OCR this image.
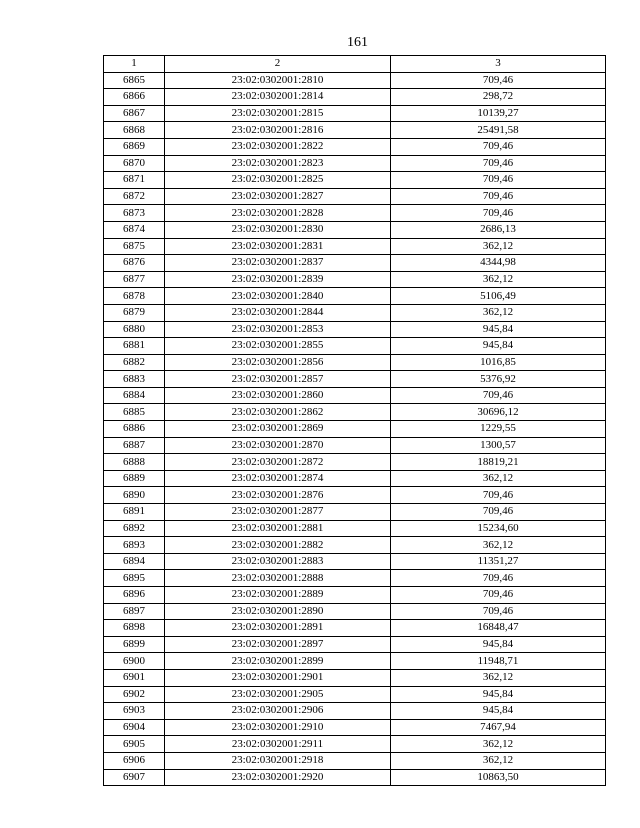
161
1	2	3
6865	23:02:0302001:2810	709,46
6866	23:02:0302001:2814	298,72
6867	23:02:0302001:2815	10139,27
6868	23:02:0302001:2816	25491,58
6869	23:02:0302001:2822	709,46
6870	23:02:0302001:2823	709,46
6871	23:02:0302001:2825	709,46
6872	23:02:0302001:2827	709,46
6873	23:02:0302001:2828	709,46
6874	23:02:0302001:2830	2686,13
6875	23:02:0302001:2831	362,12
6876	23:02:0302001:2837	4344,98
6877	23:02:0302001:2839	362,12
6878	23:02:0302001:2840	5106,49
6879	23:02:0302001:2844	362,12
6880	23:02:0302001:2853	945,84
6881	23:02:0302001:2855	945,84
6882	23:02:0302001:2856	1016,85
6883	23:02:0302001:2857	5376,92
6884	23:02:0302001:2860	709,46
6885	23:02:0302001:2862	30696,12
6886	23:02:0302001:2869	1229,55
6887	23:02:0302001:2870	1300,57
6888	23:02:0302001:2872	18819,21
6889	23:02:0302001:2874	362,12
6890	23:02:0302001:2876	709,46
6891	23:02:0302001:2877	709,46
6892	23:02:0302001:2881	15234,60
6893	23:02:0302001:2882	362,12
6894	23:02:0302001:2883	11351,27
6895	23:02:0302001:2888	709,46
6896	23:02:0302001:2889	709,46
6897	23:02:0302001:2890	709,46
6898	23:02:0302001:2891	16848,47
6899	23:02:0302001:2897	945,84
6900	23:02:0302001:2899	11948,71
6901	23:02:0302001:2901	362,12
6902	23:02:0302001:2905	945,84
6903	23:02:0302001:2906	945,84
6904	23:02:0302001:2910	7467,94
6905	23:02:0302001:2911	362,12
6906	23:02:0302001:2918	362,12
6907	23:02:0302001:2920	10863,50
